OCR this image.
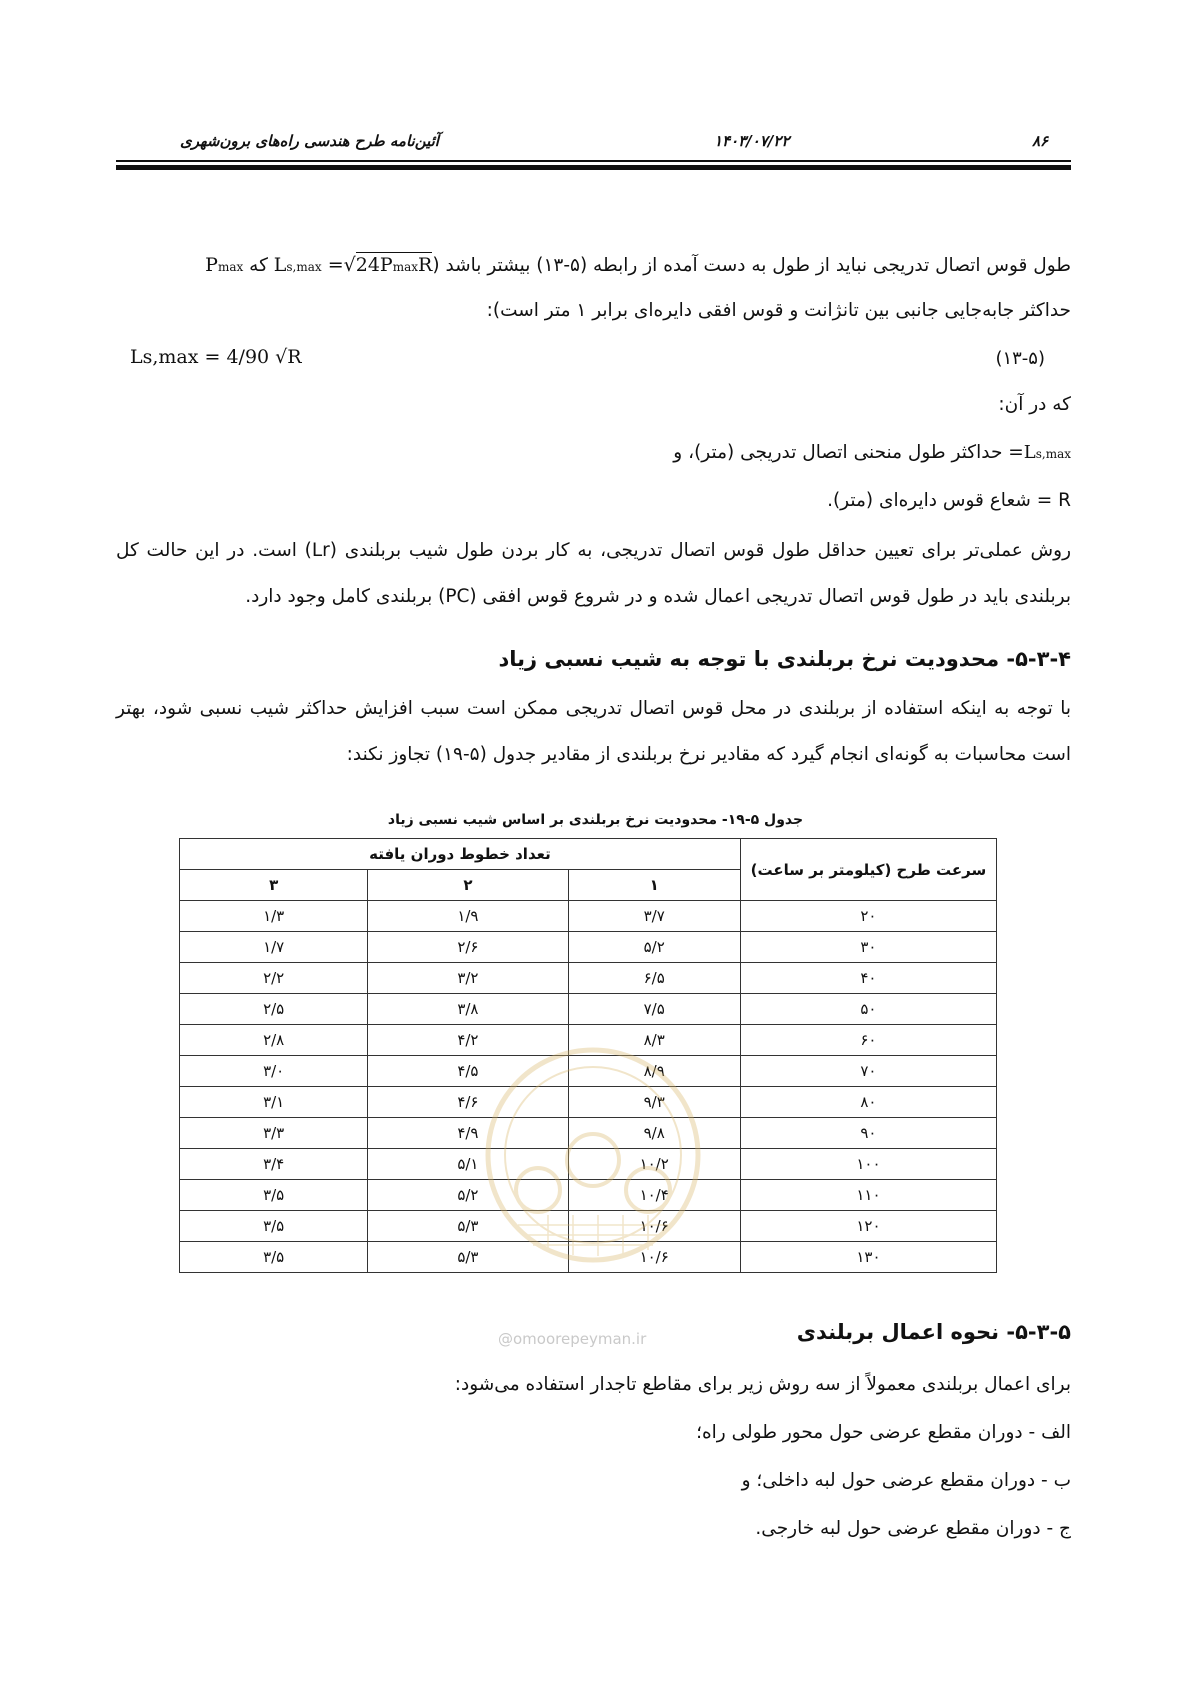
آئین‌نامه طرح هندسی راه‌های برون‌شهری	۱۴۰۳/۰۷/۲۲	۸۶
طول قوس اتصال تدریجی نباید از طول به دست آمده از رابطه (۵-۱۳) بیشتر باشد (Ls,max =√24PmaxR که Pmax
حداکثر جابه‌جایی جانبی بین تانژانت و قوس افقی دایره‌ای برابر ۱ متر است):
Ls,max = 4/90 √R	(۱۳-۵)
که در آن:
Ls,max= حداکثر طول منحنی اتصال تدریجی (متر)، و
R = شعاع قوس دایره‌ای (متر).
روش عملی‌تر برای تعیین حداقل طول قوس اتصال تدریجی، به کار بردن طول شیب بربلندی (Lr) است. در این حالت کل بربلندی باید در طول قوس اتصال تدریجی اعمال شده و در شروع قوس افقی (PC) بربلندی کامل وجود دارد.
۵-۳-۴- محدودیت نرخ بربلندی با توجه به شیب نسبی زیاد
با توجه به اینکه استفاده از بربلندی در محل قوس اتصال تدریجی ممکن است سبب افزایش حداکثر شیب نسبی شود، بهتر است محاسبات به گونه‌ای انجام گیرد که مقادیر نرخ بربلندی از مقادیر جدول (۵-۱۹) تجاوز نکند:
جدول ۵-۱۹- محدودیت نرخ بربلندی بر اساس شیب نسبی زیاد
سرعت طرح (کیلومتر بر ساعت)	تعداد خطوط دوران یافته		
	۱	۲	۳
۲۰	۳/۷	۱/۹	۱/۳
۳۰	۵/۲	۲/۶	۱/۷
۴۰	۶/۵	۳/۲	۲/۲
۵۰	۷/۵	۳/۸	۲/۵
۶۰	۸/۳	۴/۲	۲/۸
۷۰	۸/۹	۴/۵	۳/۰
۸۰	۹/۳	۴/۶	۳/۱
۹۰	۹/۸	۴/۹	۳/۳
۱۰۰	۱۰/۲	۵/۱	۳/۴
۱۱۰	۱۰/۴	۵/۲	۳/۵
۱۲۰	۱۰/۶	۵/۳	۳/۵
۱۳۰	۱۰/۶	۵/۳	۳/۵
@omoorepeyman.ir	۵-۳-۵- نحوه اعمال بربلندی
برای اعمال بربلندی معمولاً از سه روش زیر برای مقاطع تاجدار استفاده می‌شود:
الف - دوران مقطع عرضی حول محور طولی راه؛
ب - دوران مقطع عرضی حول لبه داخلی؛ و
ج - دوران مقطع عرضی حول لبه خارجی.
